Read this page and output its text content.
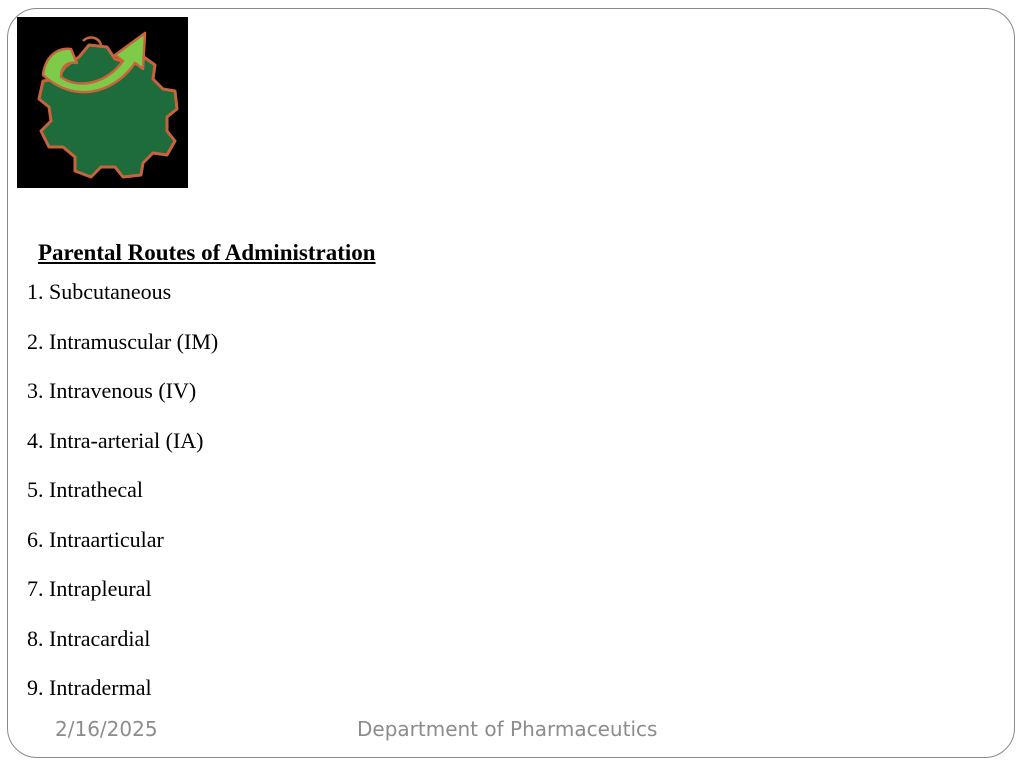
Parental Routes of Administration
1. Subcutaneous
2. Intramuscular (IM)
3. Intravenous (IV)
4. Intra-arterial (IA)
5. Intrathecal
6. Intraarticular
7. Intrapleural
8. Intracardial
9. Intradermal
2/16/2025	Department of Pharmaceutics
